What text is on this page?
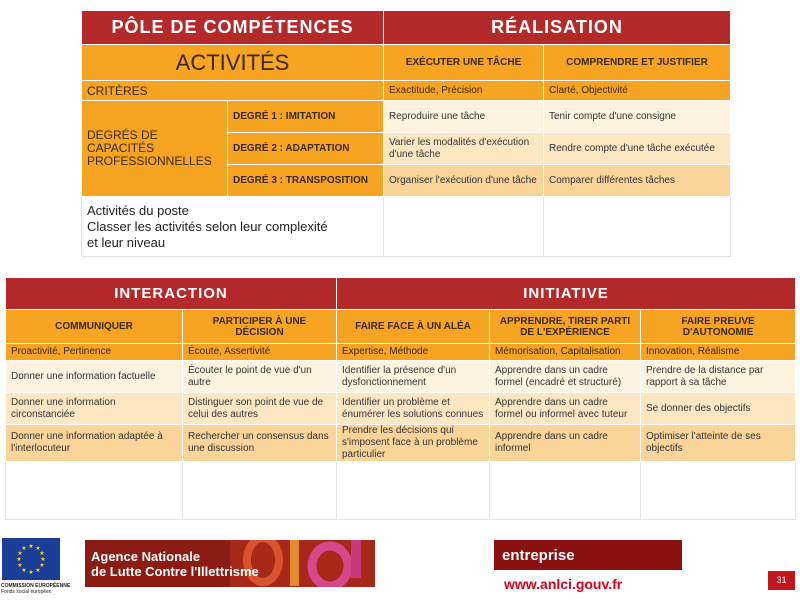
PÔLE DE COMPÉTENCES		RÉALISATION	
ACTIVITÉS		EXÉCUTER UNE TÂCHE	COMPRENDRE ET JUSTIFIER
CRITÈRES		Exactitude, Précision	Clarté, Objectivité
DEGRÉS DE CAPACITÉS PROFESSIONNELLES	DEGRÉ 1 : IMITATION	Reproduire une tâche	Tenir compte d'une consigne
	DEGRÉ 2 : ADAPTATION	Varier les modalités d'exécution d'une tâche	Rendre compte d'une tâche exécutée
	DEGRÉ 3 : TRANSPOSITION	Organiser l'exécution d'une tâche	Comparer différentes tâches

Activités du poste
Classer les activités selon leur complexité
et leur niveau			

INTERACTION		INITIATIVE		
COMMUNIQUER	PARTICIPER À UNE DÉCISION	FAIRE FACE À UN ALÉA	APPRENDRE, TIRER PARTI DE L'EXPÉRIENCE	FAIRE PREUVE D'AUTONOMIE
Proactivité, Pertinence	Écoute, Assertivité	Expertise, Méthode	Mémorisation, Capitalisation	Innovation, Réalisme
Donner une information factuelle	Écouter le point de vue d'un autre	Identifier la présence d'un dysfonctionnement	Apprendre dans un cadre formel (encadré et structuré)	Prendre de la distance par rapport à sa tâche
Donner une information circonstanciée	Distinguer son point de vue de celui des autres	Identifier un problème et énumérer les solutions connues	Apprendre dans un cadre formel ou informel avec tuteur	Se donner des objectifs
Donner une information adaptée à l'interlocuteur	Rechercher un consensus dans une discussion	Prendre les décisions qui s'imposent face à un problème particulier	Apprendre dans un cadre informel	Optimiser l'atteinte de ses objectifs

★ ★
★
★
★
★
★
★
★
★
★
★
COMMISSION EUROPÉENNE
Fonds social européen
Agence Nationale
de Lutte Contre l'Illettrisme
entreprise
www.anlci.gouv.fr	31
